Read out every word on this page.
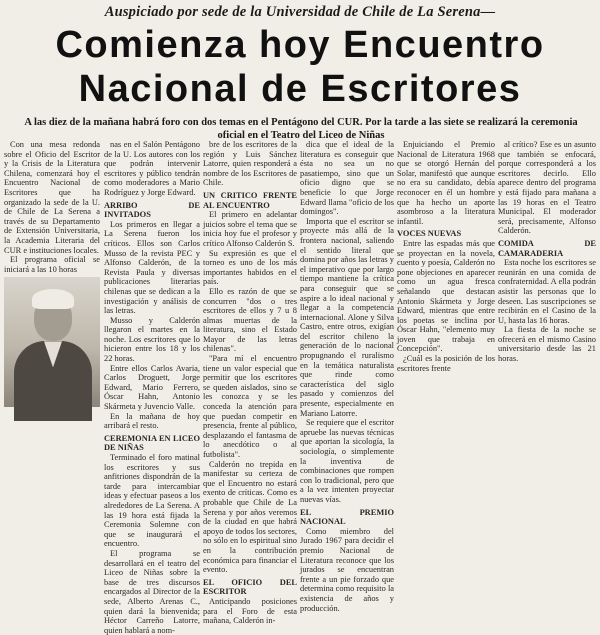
Auspiciado por sede de la Universidad de Chile de La Serena—
Comienza hoy Encuentro
Nacional de Escritores
A las diez de la mañana habrá foro con dos temas en el Pentágono del CUR. Por la tarde a las siete se realizará la ceremonia oficial en el Teatro del Liceo de Niñas

Con una mesa redonda sobre el Oficio del Escritor y la Crisis de la Literatura Chilena, comenzará hoy el Encuentro Nacional de Escritores que ha organizado la sede de la U. de Chile de La Serena a través de su Departamento de Extensión Universitaria, la Academia Literaria del CUR e instituciones locales.

El programa oficial se iniciará a las 10 horas

nas en el Salón Pentágono de la U. Los autores con los que podrán intervenir escritores y público tendrán como moderadores a Mario Rodríguez y Jorge Edward.

ARRIBO DE INVITADOS

Los primeros en llegar a La Serena fueron los críticos. Ellos son Carlos Musso de la revista PEC y Alfonso Calderón, de la Revista Paula y diversas publicaciones literarias chilenas que se dedican a la investigación y análisis de las letras.

Musso y Calderón llegaron el martes en la noche. Los escritores que lo hicieron entre los 18 y los 22 horas.

Entre ellos Carlos Avaria, Carlos Droguett, Jorge Edward, Mario Ferrero, Óscar Hahn, Antonio Skármeta y Juvencio Valle.

En la mañana de hoy arribará el resto.

CEREMONIA EN LICEO DE NIÑAS

Terminado el foro matinal los escritores y sus anfitriones dispondrán de la tarde para intercambiar ideas y efectuar paseos a los alrededores de La Serena. A las 19 hora está fijada la Ceremonia Solemne con que se inaugurará el encuentro.

El programa se desarrollará en el teatro del Liceo de Niñas sobre la base de tres discursos encargados al Director de la sede, Alberto Arenas C., quien dará la bienvenida; Héctor Carreño Latorre, quien hablará a nom-

bre de los escritores de la región y Luis Sánchez Latorre, quien responderá a nombre de los Escritores de Chile.

UN CRITICO FRENTE AL ENCUENTRO

El primero en adelantar juicios sobre el tema que se inicia hoy fue el profesor y crítico Alfonso Calderón S.

Su expresión es que el torneo es uno de los más importantes habidos en el país.

Ello es razón de que se concurren "dos o tres escritores de ellos y 7 u 8 almas muertas de la literatura, sino el Estado Mayor de las letras chilenas".

"Para mí el encuentro tiene un valor especial que permitir que los escritores se queden aislados, sino se les conozca y se les conceda la atención para que puedan competir en presencia, frente al público, desplazando el fantasma de lo anecdótico o al futbolista".

Calderón no trepida en manifestar su certeza de que el Encuentro no estará exento de críticas. Como es probable que Chile de La Serena y por años veremos de la ciudad en que habrá apoyo de todos los sectores, no sólo en lo espiritual sino en la contribución económica para financiar el evento.

EL OFICIO DEL ESCRITOR

Anticipando posiciones para el Foro de esta mañana, Calderón in-

dica que el ideal de la literatura es conseguir que ésta no sea un no pasatiempo, sino que un oficio digno que se beneficie lo que Jorge Edward llama "oficio de los domingos".

Importa que el escritor se proyecte más allá de la frontera nacional, saliendo el sentido literal que domina por años las letras y el imperativo que por largo tiempo mantiene la crítica para conseguir que se aspire a lo ideal nacional y llegar a la competencia internacional. Alone y Silva Castro, entre otros, exigían del escritor chileno la generación de lo nacional propugnando el ruralismo en la temática naturalista que rinde como característica del siglo pasado y comienzos del presente, especialmente en Mariano Latorre.

Se requiere que el escritor apruebe las nuevas técnicas que aportan la sicología, la sociología, o simplemente la inventiva de combinaciones que rompen con lo tradicional, pero que a la vez intenten proyectar nuevas vías.

EL PREMIO NACIONAL

Como miembro del Jurado 1967 para decidir el premio Nacional de Literatura reconoce que los jurados se encuentran frente a un pie forzado que determina como requisito la existencia de años y producción.

Enjuiciando el Premio Nacional de Literatura 1968 que se otorgó Hernán del Solar, manifestó que aunque no era su candidato, debía reconocer en él un hombre que ha hecho un aporte asombroso a la literatura infantil.

VOCES NUEVAS

Entre las espadas más que se proyectan en la novela, cuento y poesía, Calderón no pone objeciones en aparecer como un agua fresca señalando que destacan Antonio Skármeta y Jorge Edward, mientras que entre los poetas se inclina por Óscar Hahn, "elemento muy joven que trabaja en Concepción".

¿Cuál es la posición de los escritores frente

al crítico? Ese es un asunto que también se enfocará, porque corresponderá a los escritores decirlo. Ello aparece dentro del programa y está fijado para mañana a las 19 horas en el Teatro Municipal. El moderador será, precisamente, Alfonso Calderón.

COMIDA DE CAMARADERIA

Esta noche los escritores se reunirán en una comida de confraternidad. A ella podrán asistir las personas que lo deseen. Las suscripciones se recibirán en el Casino de la U, hasta las 16 horas.

La fiesta de la noche se ofrecerá en el mismo Casino universitario desde las 21 horas.
